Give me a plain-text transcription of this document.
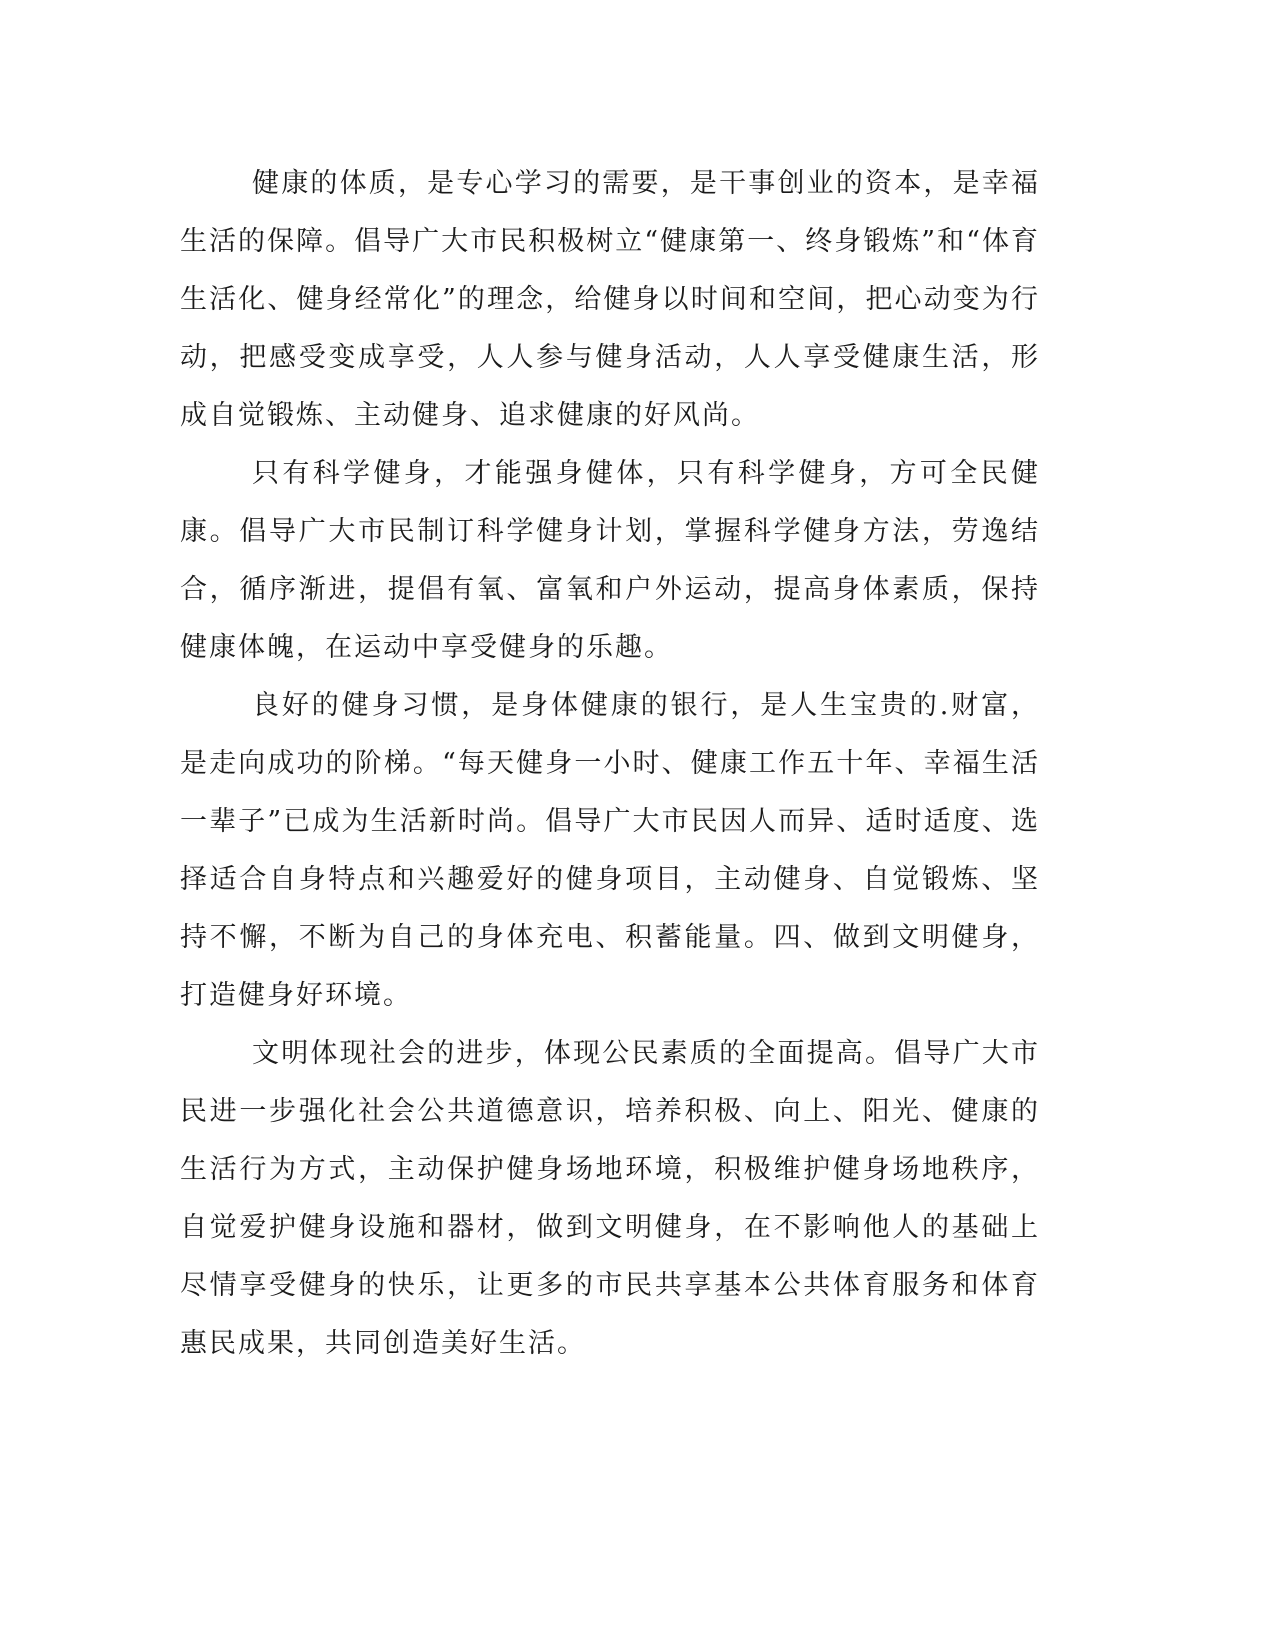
健康的体质，是专心学习的需要，是干事创业的资本，是幸福生活的保障。倡导广大市民积极树立“健康第一、终身锻炼”和“体育生活化、健身经常化”的理念，给健身以时间和空间，把心动变为行动，把感受变成享受，人人参与健身活动，人人享受健康生活，形成自觉锻炼、主动健身、追求健康的好风尚。

只有科学健身，才能强身健体，只有科学健身，方可全民健康。倡导广大市民制订科学健身计划，掌握科学健身方法，劳逸结合，循序渐进，提倡有氧、富氧和户外运动，提高身体素质，保持健康体魄，在运动中享受健身的乐趣。

良好的健身习惯，是身体健康的银行，是人生宝贵的.财富，是走向成功的阶梯。“每天健身一小时、健康工作五十年、幸福生活一辈子”已成为生活新时尚。倡导广大市民因人而异、适时适度、选择适合自身特点和兴趣爱好的健身项目，主动健身、自觉锻炼、坚持不懈，不断为自己的身体充电、积蓄能量。四、做到文明健身，打造健身好环境。

文明体现社会的进步，体现公民素质的全面提高。倡导广大市民进一步强化社会公共道德意识，培养积极、向上、阳光、健康的生活行为方式，主动保护健身场地环境，积极维护健身场地秩序，自觉爱护健身设施和器材，做到文明健身，在不影响他人的基础上尽情享受健身的快乐，让更多的市民共享基本公共体育服务和体育惠民成果，共同创造美好生活。
